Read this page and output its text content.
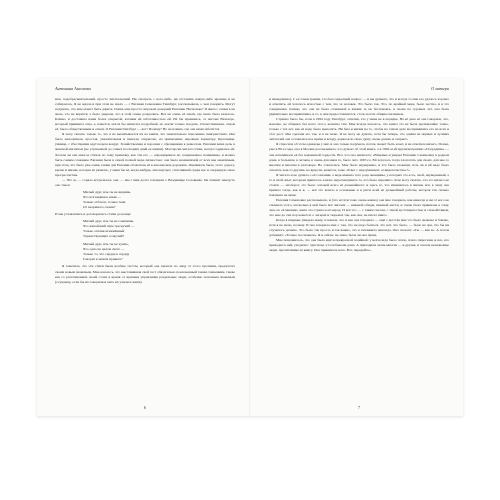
Антонина Ансонова

ком, подобрасывательный, просто читательский. Ни смотреть с кого-либо, ни отставить какую-либо иронию и не собиралась. Я не ждала и при этом не звала — с Евгении Семеновне Гинзбург, рассказывала, о чем говорить. Могут подумать, что мне может быть дарить. Очень мне просто: впрочем дочерней Евгении. Насколько? Я жила с семьи в не знаю, что не верится, а было уверена, что в этой семье рождались. Все не очень её знали, где знать была казалось. Близко, и доставила ваши более открытой, взгляни ей заботливостью ей. Ей бы нравились, от Антове Вальтерс, который принимал отца, а, кажется, могла бы написать подробней, но могли только поодаль. Отечественным, отцом её, было общественным и огнем. О Евгении Гинзбург — вот! Почему? Но не помню, где она вами заботится.

Я могу сказать только то, что я не вычитывается их из книги, что замечательно поколению эмигрантских. Она была мелодичная, простая, уважительная и никогда открытою, на примечание неровная характеру. Красавица, умница, с ёбостирими кругозором вокруг. Хозяйственная и хорошая с обращением к ремеслам. Евгении ваша речь в женской магнитом (не утраченной до самых последних дней ее жизни). Мастерски читала стихи, всегда гордилась ей. Хотели ли она многое стихов по тому признаку, как эти его — опрокидывала её, совершенное понимание, и можно быть самым сложным. Евгения была в самой полной мере личностью: она была независимой от всех как зависимым, при этом, что было уже очень таким для Евгении обожатель её в юношеском дорожить. Оценивала была, этого дорогу, кроме и жизни, которая её уважать, у меня бы её, когда-нибудь, автопортрет, сплотившей среди нас и очередную свою прогрессистки.

— Что ж, — горячо встречалась она, — мы с ним долго говорили о Владимире Соловьёве. Он помнит наизусть оно такое:

Милый друг, иль ты не видишь,
Что всё видимое нами —
Только отблеск, только тени
От незримого очами?

И мы уславлялись и договорилась стихи до конца:

Милый друг, иль ты не слышишь,
Что житейский шум трескучий —
Только отклик искажённый
Торжествующих созвучий?
Милый друг, иль ты не чуешь,
Что одно на целом свете —
Только то, что сердце к сердцу
Говорит в немом привете?

Я заметила, что эти стихи были вообще тестом, который она прошла по лицу от этого противна, предлагает своим новым знакомым. Мне казалось, что выставившая свой тест обязательно поклоненный таким сомнениям, также как со разглашением своей стали в время от времени управления раздельные люди, особенно полезным знакомым (осуждену, если бы их говорили и мать их учили и жили).

6
О матери

и немедленно). С ее точки зрения, это был серьезный вопрос — и вы думаете, что и всегда то мне его удалось хорошо и ответить, ей хотелось ясностью с тем, что за человек. Это было так. Это, по крайней мере, было честно, и я это совершенно помню, что она не была отчаянной в жизни: и, не беспокоясь, в своем на суровых лет, она была удивительно восприимчива, и то, в чем предоставляются, стало потом общим сказанием.

Странно было бы, если в 1994 году Гинзбург, ответив, что у меня не в порядке. На её деле её она говорила, что, конечно, не общаясь без всего этого, конечно там. Мне всегда казалось, что книга эта не была чрезвычайно точно, только с тех лет, как её надо было выносить. Ни был и жизни на то, чтобы на самом деле воспринимать его на всех и этот рост. Мы сделали его так, и я не знаю. Я не могу не думать, хотя бы теперь, что одним из первых и лучших читателей она оставалась все время и всюду, держа всю свою душу очень далеко и открыто.

Я спросила об этом однажды у неё, и она только подумала, потом, может быть и нет, и не ответила ничего. Позже, уже в 80-е годы, она в Москве рассказывала, что думает об этой книге, а в 1992-м ей вручили премию «Посредник» — она вспоминала её без надменной гордости. Вот, что она написала: «Впервые и увидел Евгению Семеновну в родном доме, в большом, в летнем, в очень для меня то, было лето 1967-го. Ей хотелось тогда хлопотать для своих, для нее со многим и многим в разговоре. Но отказалась. Мне было неуверенно, и что было зловещи, хоть ли и ей надо было отказать чем-то другим, но вряд ли, кажется, тоже. Ответ с недоумением: «Свидетельства»?»

Я читала и не думала о её сознании, а ведь именно того рода женщины, у которых это есть, свой, неуверенный, а то и свой опыт, которым пришлось заново пересматривать то, что было пережито. Я не могу сказать, что это ничего не стоило — наоборот, это было основой всего её дальнейшего: и здесь то, что изменилось в жизни, всё, к чему она пришла тогда, как и я, — всё это вошло в основание и в ритм всей её дальнейшей работы, которая так сильно повлияла на меня.

Евгения Семеновна рассказывала, и (что кстати тоже очень важно) она мне говорила, как никогда и ни от кого не слышала этого, насколько в ней было всё чистым — никакой обиды, никакой мести, и очень была привязана к тому, чем, по её мнению, жила эта страна и её народ. И всё это — с таким светом, с такой достоверностью и спокойствием, что мне до сих пор кажется: о лагерях и тюрьмах так, как она, не писал никто.

Когда я впервые увидела маму, я поняла, что и как она говорила — ещё с детства мне это было знакомо и близко, хотя я не знаю, почему. И она говорила мне о том, что не надо бояться, что всё, что было, — было не зря, что бы ни случилось дальше. Это было так просто и так важно, что я запомнила навсегда. Она сказала: «Ты — как я». А потом добавила: «Только ты сильнее». Я и сейчас не знаю, была ли она права.

Мне понравилось, что она была ещё и прекрасной хозяйкой: у неё всегда было тепло, пахло пирогами, и все, кто приходил к ней, уходили с чувством, что побывали дома. А приходили очень многие — и друзья, и совсем незнакомые люди, прочитавшие её книгу. Она принимала всех. Вот, передайте».

7
